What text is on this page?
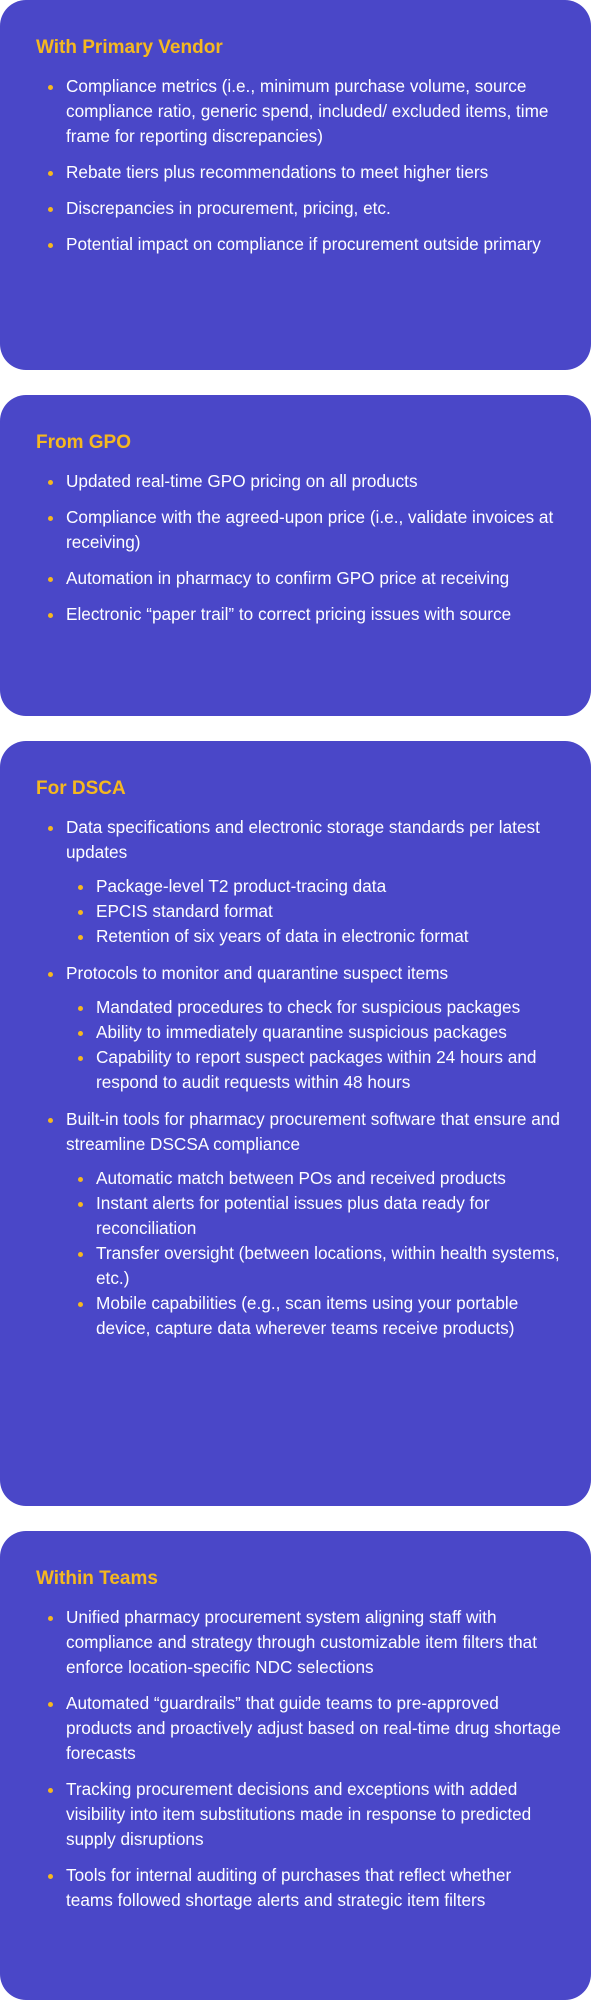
With Primary Vendor
Compliance metrics (i.e., minimum purchase volume, source compliance ratio, generic spend, included/ excluded items, time frame for reporting discrepancies)
Rebate tiers plus recommendations to meet higher tiers
Discrepancies in procurement, pricing, etc.
Potential impact on compliance if procurement outside primary
From GPO
Updated real-time GPO pricing on all products
Compliance with the agreed-upon price (i.e., validate invoices at receiving)
Automation in pharmacy to confirm GPO price at receiving
Electronic “paper trail” to correct pricing issues with source
For DSCA
Data specifications and electronic storage standards per latest updates
Package-level T2 product-tracing data
EPCIS standard format
Retention of six years of data in electronic format
Protocols to monitor and quarantine suspect items
Mandated procedures to check for suspicious packages
Ability to immediately quarantine suspicious packages
Capability to report suspect packages within 24 hours and respond to audit requests within 48 hours
Built-in tools for pharmacy procurement software that ensure and streamline DSCSA compliance
Automatic match between POs and received products
Instant alerts for potential issues plus data ready for reconciliation
Transfer oversight (between locations, within health systems, etc.)
Mobile capabilities (e.g., scan items using your portable device, capture data wherever teams receive products)
Within Teams
Unified pharmacy procurement system aligning staff with compliance and strategy through customizable item filters that enforce location-specific NDC selections
Automated “guardrails” that guide teams to pre-approved products and proactively adjust based on real-time drug shortage forecasts
Tracking procurement decisions and exceptions with added visibility into item substitutions made in response to predicted supply disruptions
Tools for internal auditing of purchases that reflect whether teams followed shortage alerts and strategic item filters
